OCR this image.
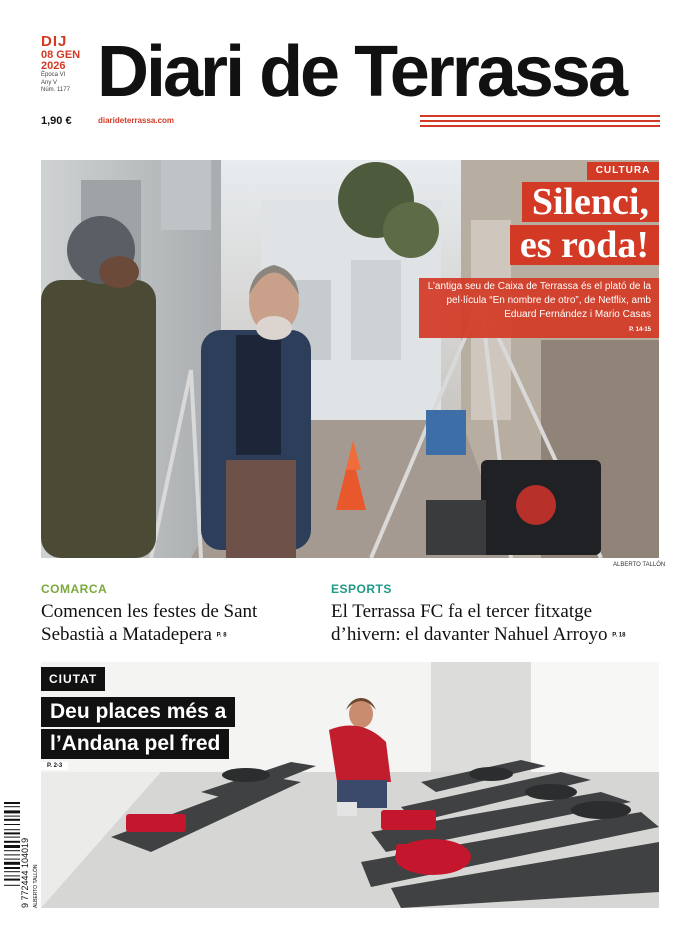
DIJ
08 GEN
2026
Època VI
Any V
Núm. 1177
1,90 €
Diari de Terrassa
diarideterrassa.com
CULTURA
Silenci,
es roda!
L’antiga seu de Caixa de Terrassa és el plató de la pel·lícula “En nombre de otro”, de Netflix, amb Eduard Fernández i Mario Casas
P. 14-15
ALBERTO TALLÓN
COMARCA
Comencen les festes de Sant
Sebastià a Matadepera P. 8
ESPORTS
El Terrassa FC fa el tercer fitxatge
d’hivern: el davanter Nahuel Arroyo P. 18
CIUTAT
Deu places més a
l’Andana pel fred
P. 2-3
9 772444 104019 ALBERTO TALLÓN
